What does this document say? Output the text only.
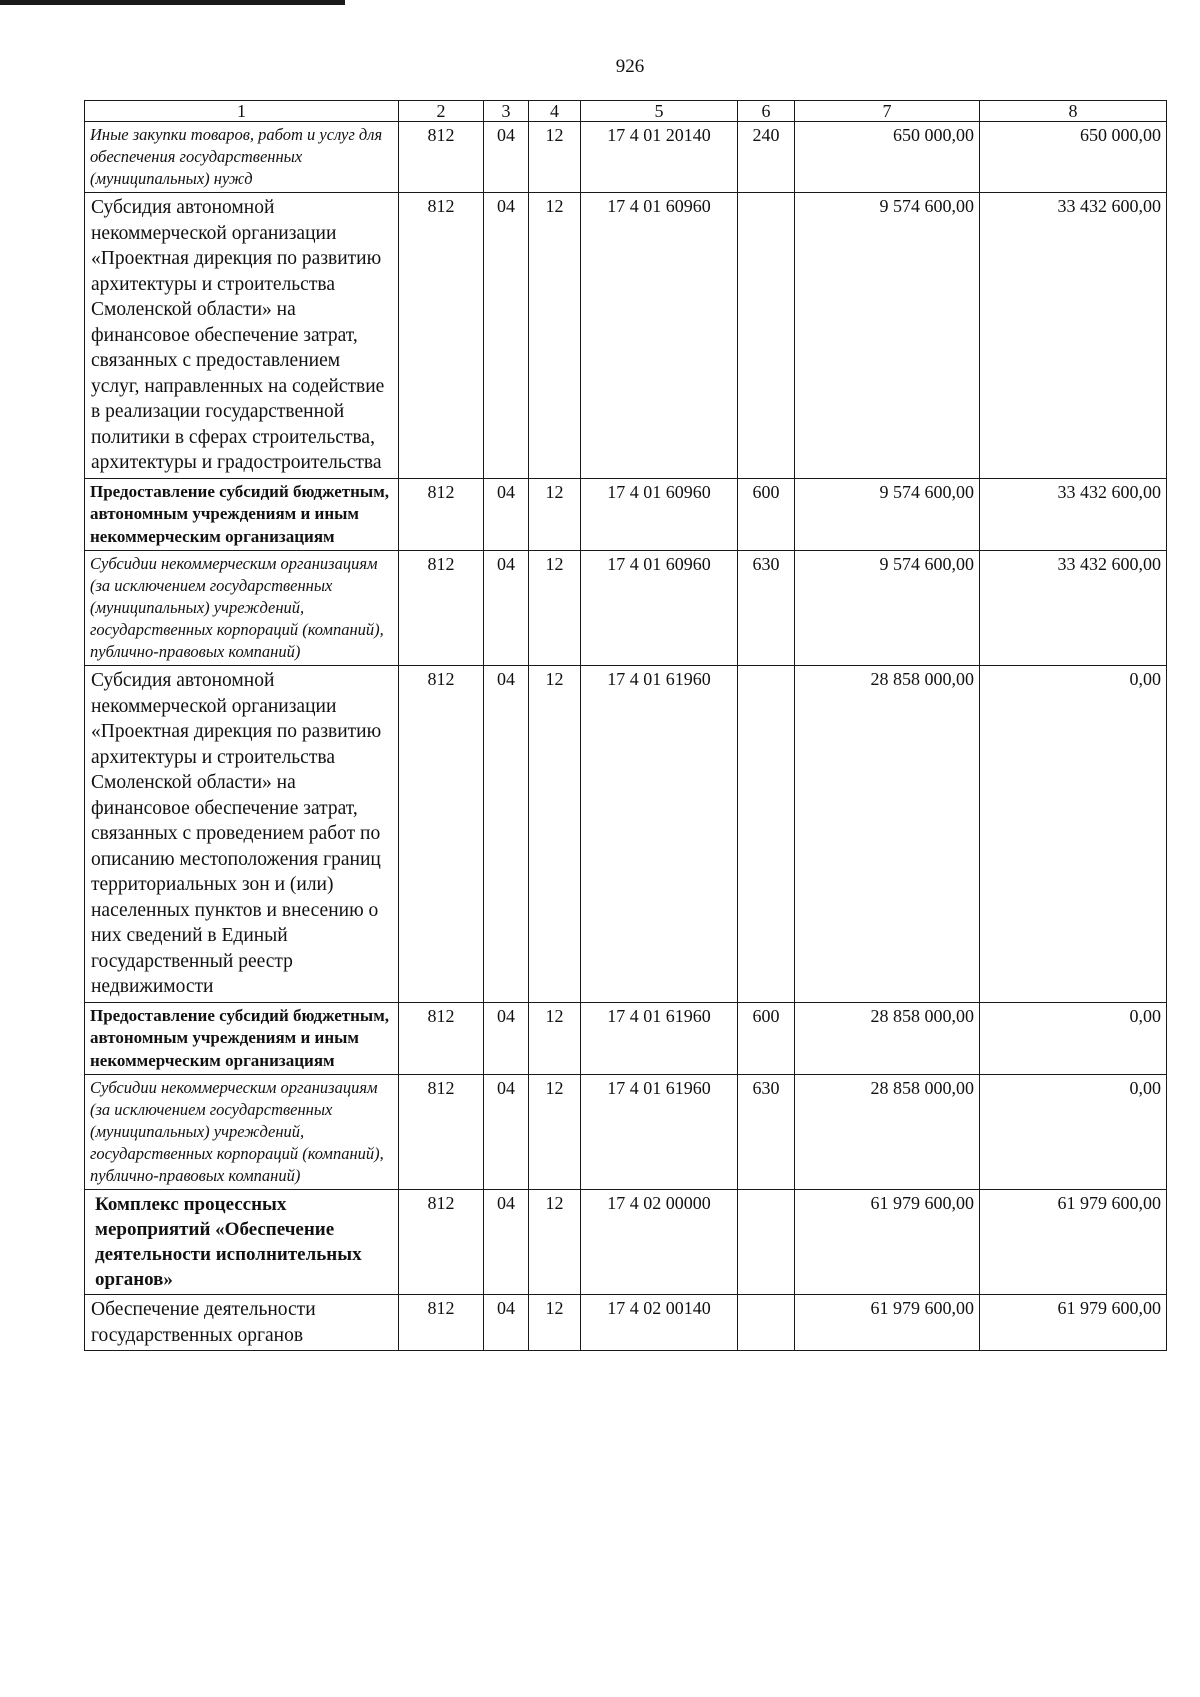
926
1	2	3	4	5	6	7	8
Иные закупки товаров, работ и услуг для обеспечения государственных (муниципальных) нужд	812	04	12	17 4 01 20140	240	650 000,00	650 000,00
Субсидия автономной некоммерческой организации «Проектная дирекция по развитию архитектуры и строительства Смоленской области» на финансовое обеспечение затрат, связанных с предоставлением услуг, направленных на содействие в реализации государственной политики в сферах строительства, архитектуры и градостроительства	812	04	12	17 4 01 60960		9 574 600,00	33 432 600,00
Предоставление субсидий бюджетным, автономным учреждениям и иным некоммерческим организациям	812	04	12	17 4 01 60960	600	9 574 600,00	33 432 600,00
Субсидии некоммерческим организациям (за исключением государственных (муниципальных) учреждений, государственных корпораций (компаний), публично-правовых компаний)	812	04	12	17 4 01 60960	630	9 574 600,00	33 432 600,00
Субсидия автономной некоммерческой организации «Проектная дирекция по развитию архитектуры и строительства Смоленской области» на финансовое обеспечение затрат, связанных с проведением работ по описанию местоположения границ территориальных зон и (или) населенных пунктов и внесению о них сведений в Единый государственный реестр недвижимости	812	04	12	17 4 01 61960		28 858 000,00	0,00
Предоставление субсидий бюджетным, автономным учреждениям и иным некоммерческим организациям	812	04	12	17 4 01 61960	600	28 858 000,00	0,00
Субсидии некоммерческим организациям (за исключением государственных (муниципальных) учреждений, государственных корпораций (компаний), публично-правовых компаний)	812	04	12	17 4 01 61960	630	28 858 000,00	0,00
Комплекс процессных мероприятий «Обеспечение деятельности исполнительных органов»	812	04	12	17 4 02 00000		61 979 600,00	61 979 600,00
Обеспечение деятельности государственных органов	812	04	12	17 4 02 00140		61 979 600,00	61 979 600,00
